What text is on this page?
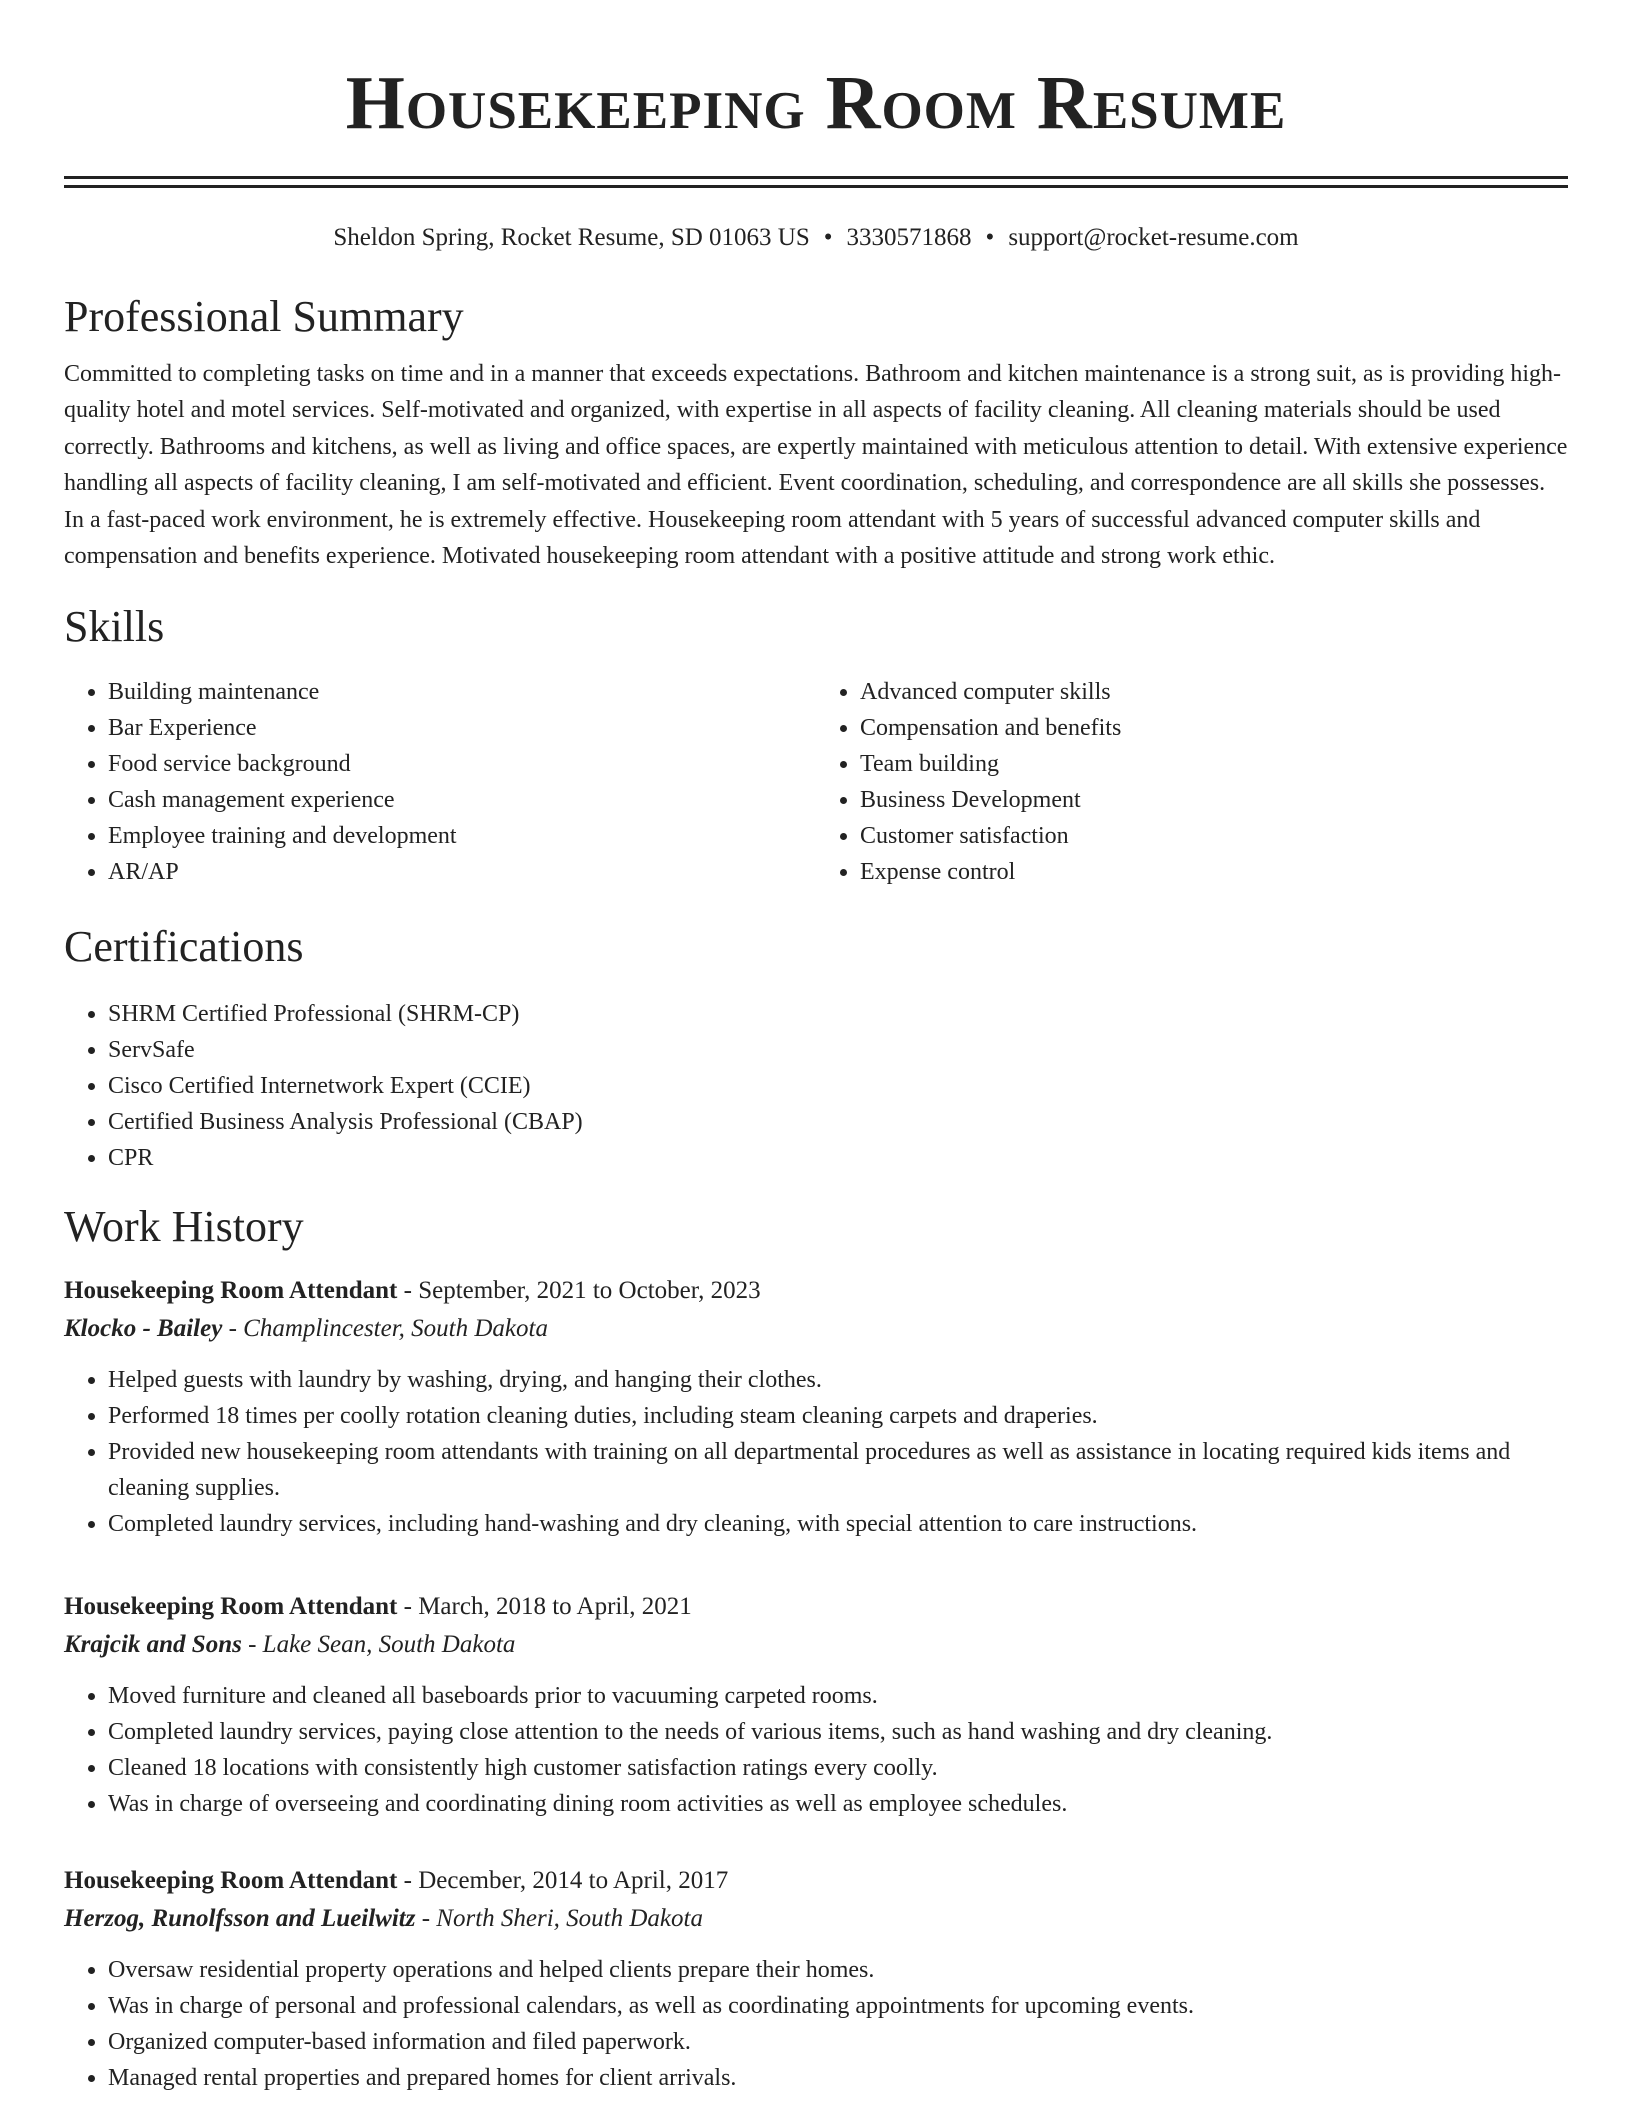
Housekeeping Room Resume
Sheldon Spring, Rocket Resume, SD 01063 US • 3330571868 • support@rocket-resume.com
Professional Summary
Committed to completing tasks on time and in a manner that exceeds expectations. Bathroom and kitchen maintenance is a strong suit, as is providing high-quality hotel and motel services. Self-motivated and organized, with expertise in all aspects of facility cleaning. All cleaning materials should be used correctly. Bathrooms and kitchens, as well as living and office spaces, are expertly maintained with meticulous attention to detail. With extensive experience handling all aspects of facility cleaning, I am self-motivated and efficient. Event coordination, scheduling, and correspondence are all skills she possesses. In a fast-paced work environment, he is extremely effective. Housekeeping room attendant with 5 years of successful advanced computer skills and compensation and benefits experience. Motivated housekeeping room attendant with a positive attitude and strong work ethic.
Skills
• Building maintenance
• Bar Experience
• Food service background
• Cash management experience
• Employee training and development
• AR/AP
• Advanced computer skills
• Compensation and benefits
• Team building
• Business Development
• Customer satisfaction
• Expense control
Certifications
• SHRM Certified Professional (SHRM-CP)
• ServSafe
• Cisco Certified Internetwork Expert (CCIE)
• Certified Business Analysis Professional (CBAP)
• CPR
Work History
Housekeeping Room Attendant - September, 2021 to October, 2023
Klocko - Bailey - Champlincester, South Dakota
• Helped guests with laundry by washing, drying, and hanging their clothes.
• Performed 18 times per coolly rotation cleaning duties, including steam cleaning carpets and draperies.
• Provided new housekeeping room attendants with training on all departmental procedures as well as assistance in locating required kids items and cleaning supplies.
• Completed laundry services, including hand-washing and dry cleaning, with special attention to care instructions.
Housekeeping Room Attendant - March, 2018 to April, 2021
Krajcik and Sons - Lake Sean, South Dakota
• Moved furniture and cleaned all baseboards prior to vacuuming carpeted rooms.
• Completed laundry services, paying close attention to the needs of various items, such as hand washing and dry cleaning.
• Cleaned 18 locations with consistently high customer satisfaction ratings every coolly.
• Was in charge of overseeing and coordinating dining room activities as well as employee schedules.
Housekeeping Room Attendant - December, 2014 to April, 2017
Herzog, Runolfsson and Lueilwitz - North Sheri, South Dakota
• Oversaw residential property operations and helped clients prepare their homes.
• Was in charge of personal and professional calendars, as well as coordinating appointments for upcoming events.
• Organized computer-based information and filed paperwork.
• Managed rental properties and prepared homes for client arrivals.
